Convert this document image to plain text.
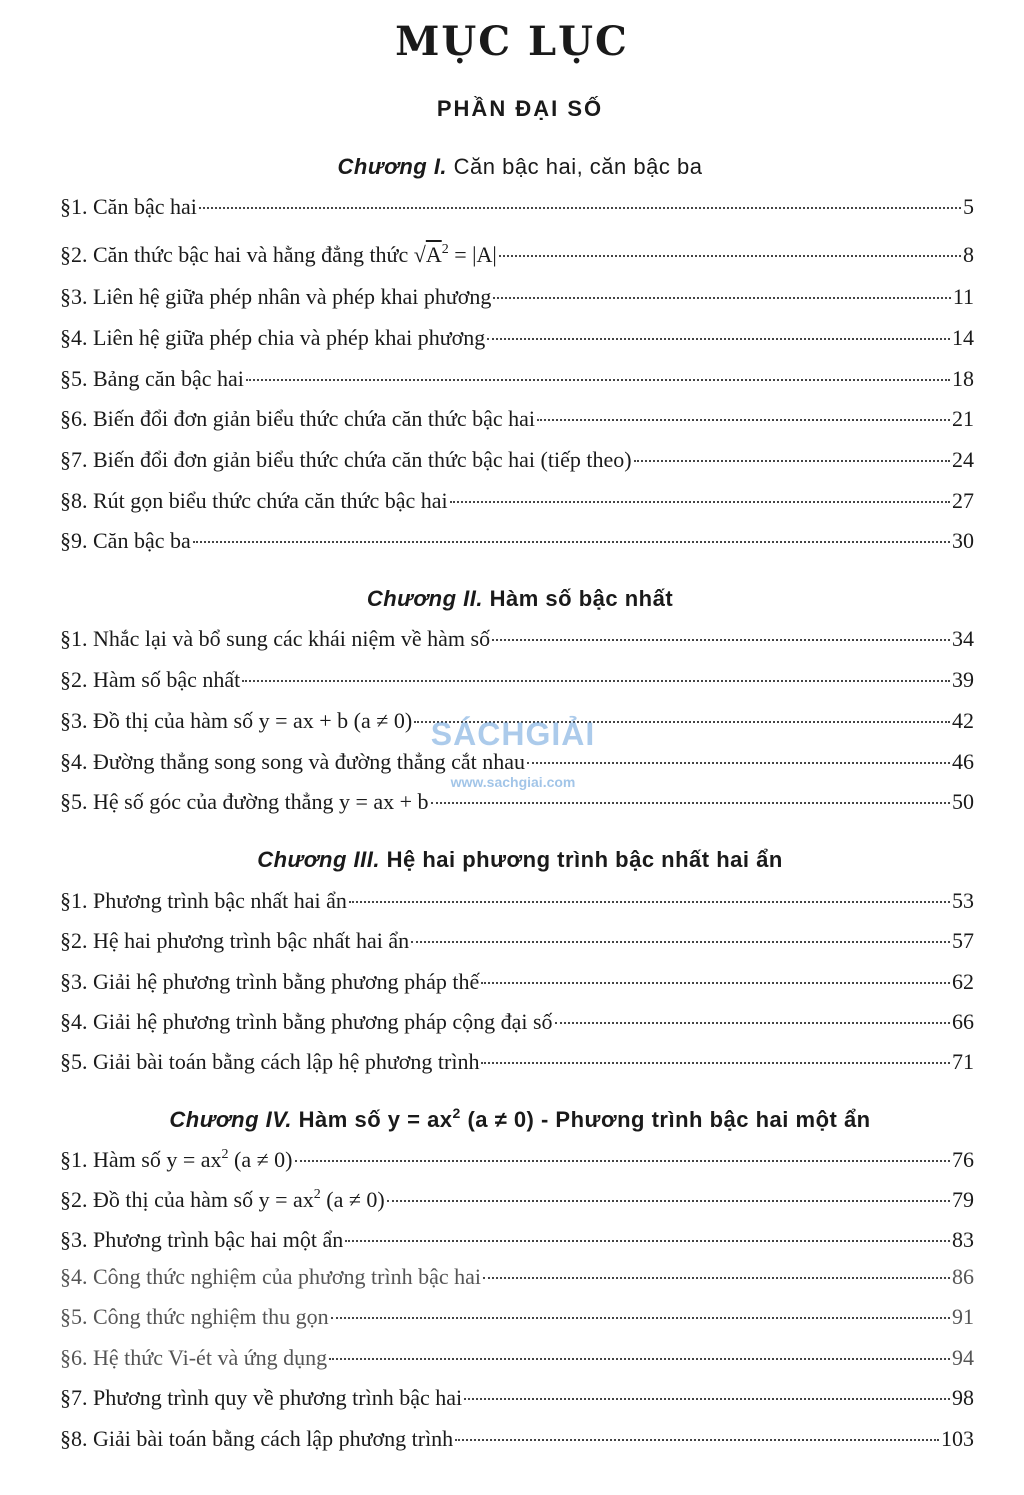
MỤC LỤC
PHẦN ĐẠI SỐ
Chương I. Căn bậc hai, căn bậc ba
§1. Căn bậc hai	5
§2. Căn thức bậc hai và hằng đẳng thức $√A^2 = |A|$	8
§3. Liên hệ giữa phép nhân và phép khai phương	11
§4. Liên hệ giữa phép chia và phép khai phương	14
§5. Bảng căn bậc hai	18
§6. Biến đổi đơn giản biểu thức chứa căn thức bậc hai	21
§7. Biến đổi đơn giản biểu thức chứa căn thức bậc hai (tiếp theo)	24
§8. Rút gọn biểu thức chứa căn thức bậc hai	27
§9. Căn bậc ba	30
Chương II. Hàm số bậc nhất
§1. Nhắc lại và bổ sung các khái niệm về hàm số	34
§2. Hàm số bậc nhất	39
§3. Đồ thị của hàm số y = ax + b (a ≠ 0)	42
§4. Đường thẳng song song và đường thẳng cắt nhau	46
§5. Hệ số góc của đường thẳng y = ax + b	50
Chương III. Hệ hai phương trình bậc nhất hai ẩn
§1. Phương trình bậc nhất hai ẩn	53
§2. Hệ hai phương trình bậc nhất hai ẩn	57
§3. Giải hệ phương trình bằng phương pháp thế	62
§4. Giải hệ phương trình bằng phương pháp cộng đại số	66
§5. Giải bài toán bằng cách lập hệ phương trình	71
Chương IV. Hàm số $y = ax^2$ (a ≠ 0) - Phương trình bậc hai một ẩn
§1. Hàm số $y = ax^2$ (a ≠ 0)	76
§2. Đồ thị của hàm số $y = ax^2$ (a ≠ 0)	79
§3. Phương trình bậc hai một ẩn	83
§4. Công thức nghiệm của phương trình bậc hai	86
§5. Công thức nghiệm thu gọn	91
§6. Hệ thức Vi-ét và ứng dụng	94
§7. Phương trình quy về phương trình bậc hai	98
§8. Giải bài toán bằng cách lập phương trình	103
SÁCHGIẢI
www.sachgiai.com
